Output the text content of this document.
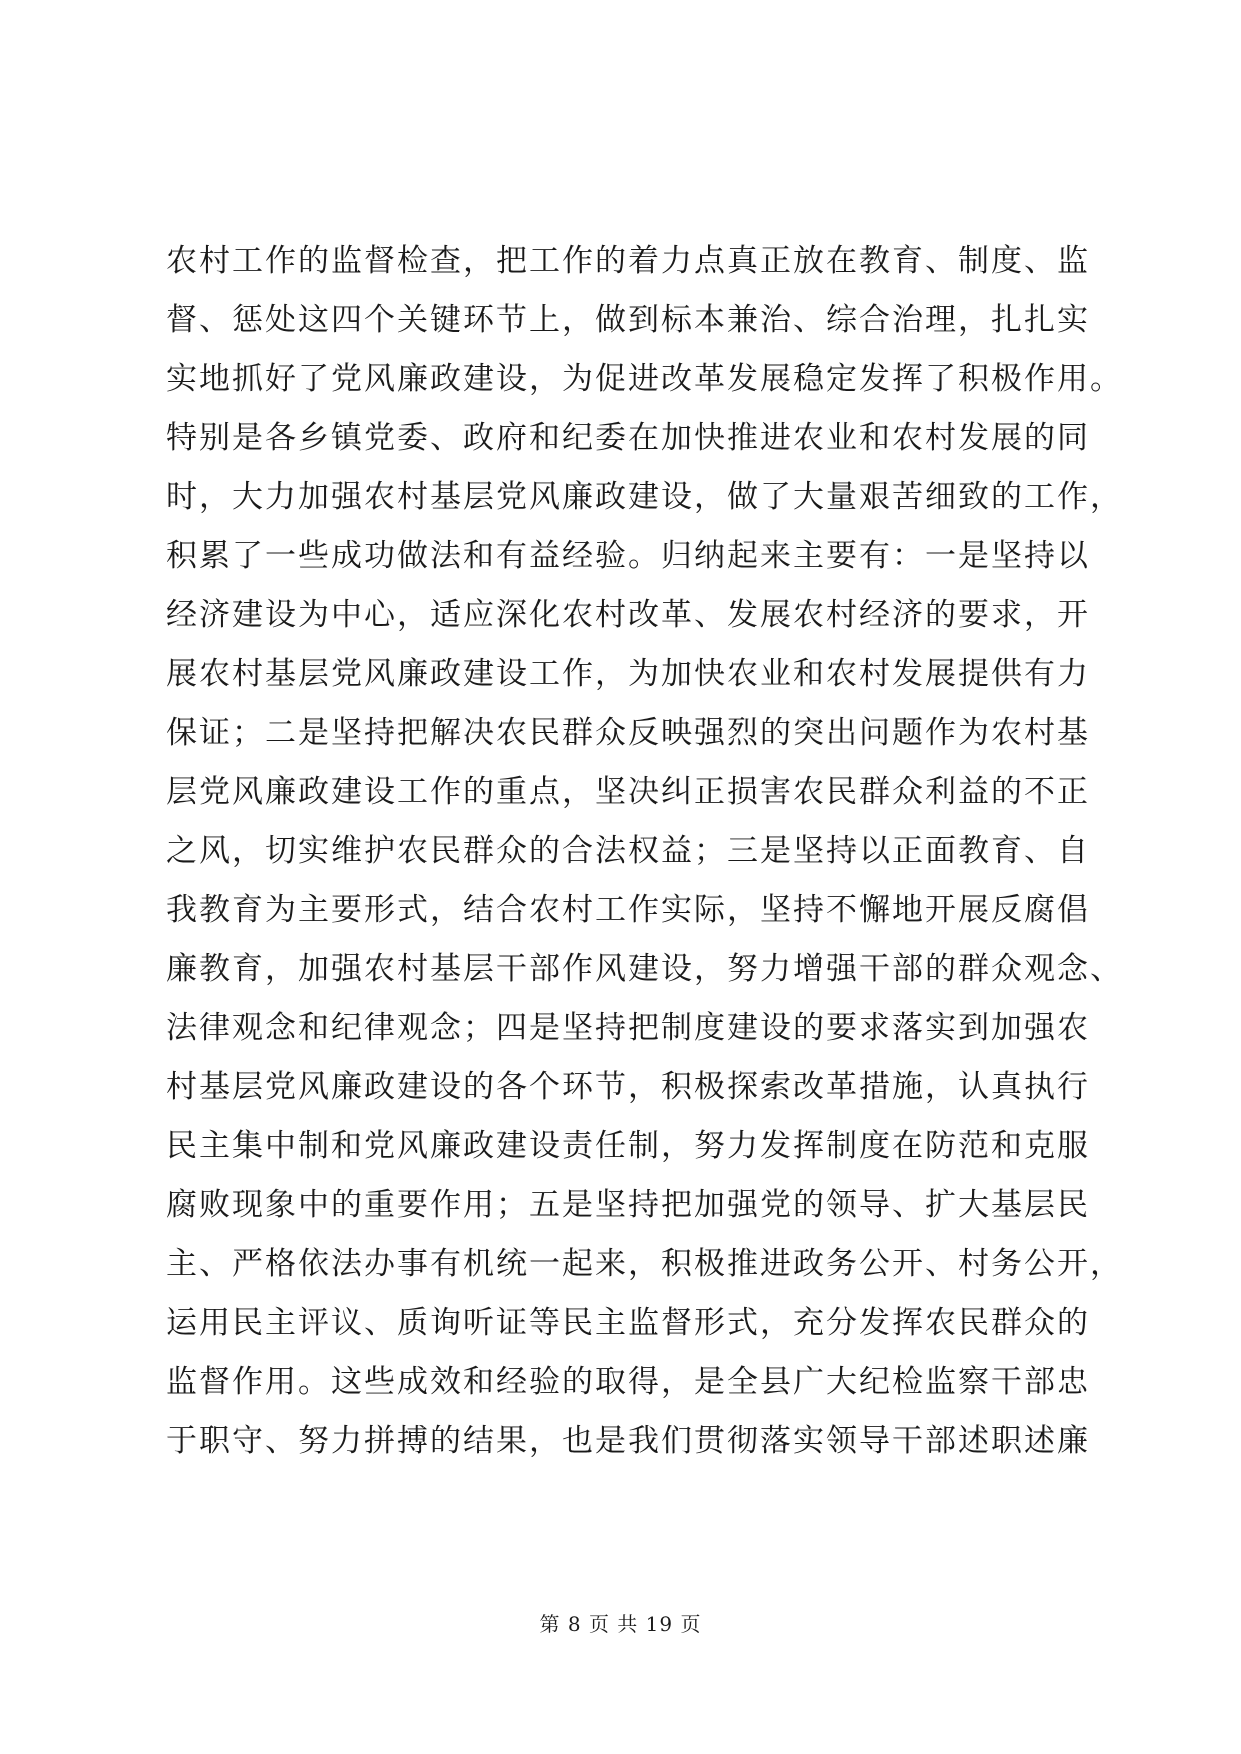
农村工作的监督检查，把工作的着力点真正放在教育、制度、监
督、惩处这四个关键环节上，做到标本兼治、综合治理，扎扎实
实地抓好了党风廉政建设，为促进改革发展稳定发挥了积极作用。
特别是各乡镇党委、政府和纪委在加快推进农业和农村发展的同
时，大力加强农村基层党风廉政建设，做了大量艰苦细致的工作，
积累了一些成功做法和有益经验。归纳起来主要有：一是坚持以
经济建设为中心，适应深化农村改革、发展农村经济的要求，开
展农村基层党风廉政建设工作，为加快农业和农村发展提供有力
保证；二是坚持把解决农民群众反映强烈的突出问题作为农村基
层党风廉政建设工作的重点，坚决纠正损害农民群众利益的不正
之风，切实维护农民群众的合法权益；三是坚持以正面教育、自
我教育为主要形式，结合农村工作实际，坚持不懈地开展反腐倡
廉教育，加强农村基层干部作风建设，努力增强干部的群众观念、
法律观念和纪律观念；四是坚持把制度建设的要求落实到加强农
村基层党风廉政建设的各个环节，积极探索改革措施，认真执行
民主集中制和党风廉政建设责任制，努力发挥制度在防范和克服
腐败现象中的重要作用；五是坚持把加强党的领导、扩大基层民
主、严格依法办事有机统一起来，积极推进政务公开、村务公开，
运用民主评议、质询听证等民主监督形式，充分发挥农民群众的
监督作用。这些成效和经验的取得，是全县广大纪检监察干部忠
于职守、努力拼搏的结果，也是我们贯彻落实领导干部述职述廉
第 8 页 共 19 页
